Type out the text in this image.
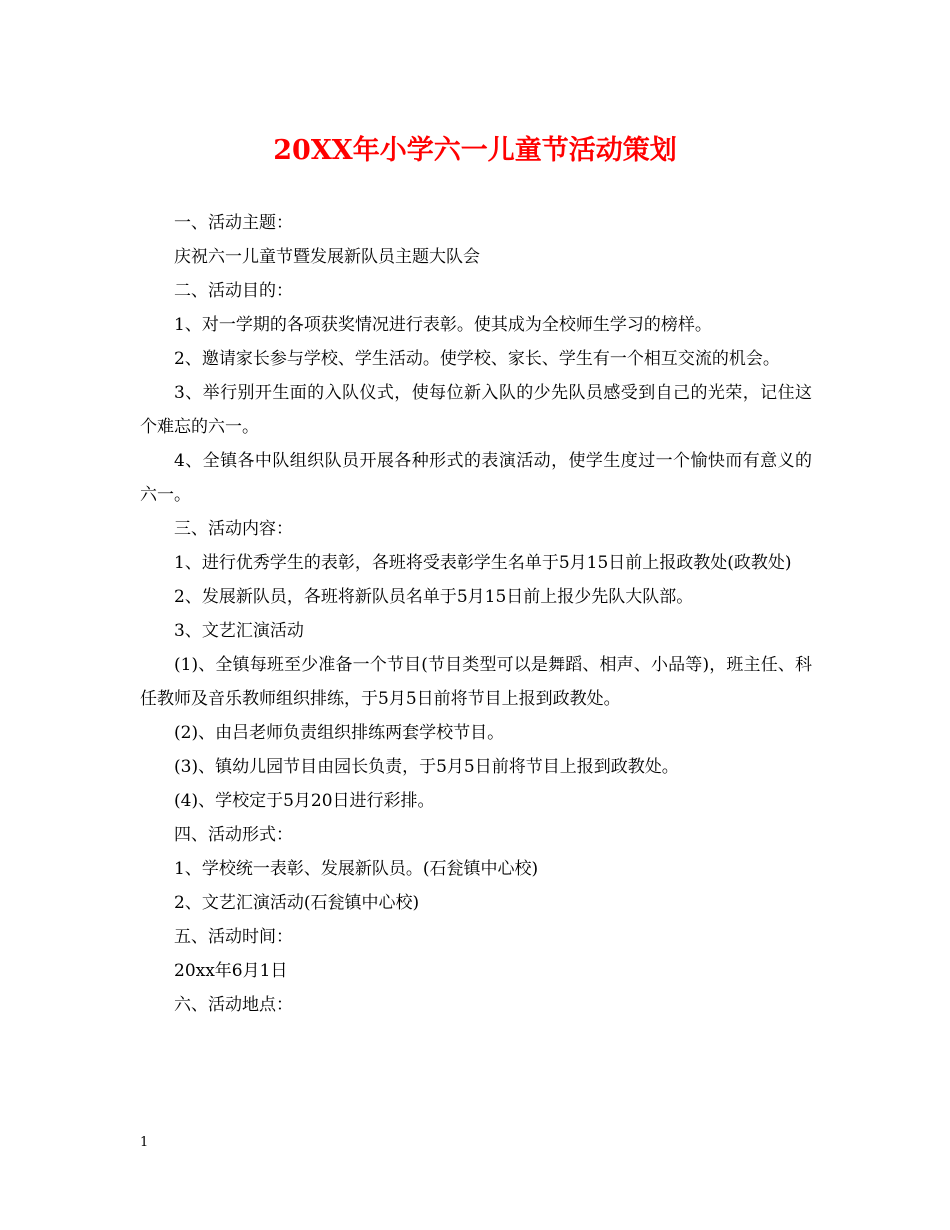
20XX年小学六一儿童节活动策划

一、活动主题：

庆祝六一儿童节暨发展新队员主题大队会

二、活动目的：

1、对一学期的各项获奖情况进行表彰。使其成为全校师生学习的榜样。

2、邀请家长参与学校、学生活动。使学校、家长、学生有一个相互交流的机会。

3、举行别开生面的入队仪式，使每位新入队的少先队员感受到自己的光荣，记住这个难忘的六一。

4、全镇各中队组织队员开展各种形式的表演活动，使学生度过一个愉快而有意义的六一。

三、活动内容：

1、进行优秀学生的表彰，各班将受表彰学生名单于5月15日前上报政教处(政教处)

2、发展新队员，各班将新队员名单于5月15日前上报少先队大队部。

3、文艺汇演活动

(1)、全镇每班至少准备一个节目(节目类型可以是舞蹈、相声、小品等)，班主任、科任教师及音乐教师组织排练，于5月5日前将节目上报到政教处。

(2)、由吕老师负责组织排练两套学校节目。

(3)、镇幼儿园节目由园长负责，于5月5日前将节目上报到政教处。

(4)、学校定于5月20日进行彩排。

四、活动形式：

1、学校统一表彰、发展新队员。(石瓮镇中心校)

2、文艺汇演活动(石瓮镇中心校)

五、活动时间：

20xx年6月1日

六、活动地点：

1
